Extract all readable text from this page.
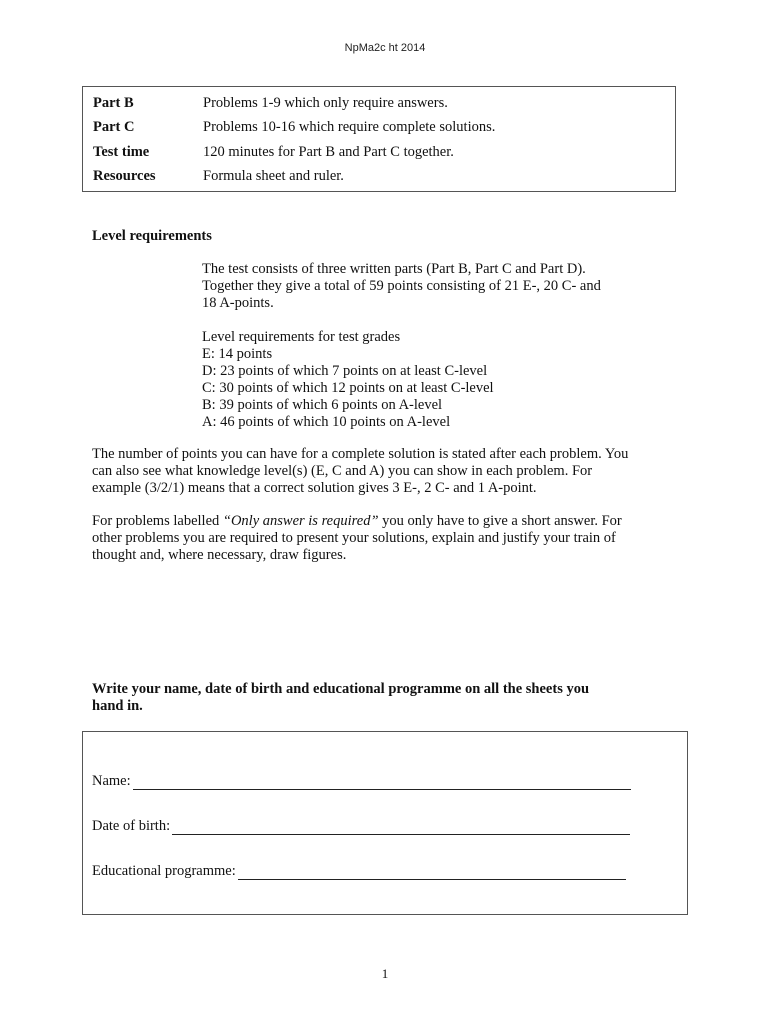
NpMa2c ht 2014
Part B	Problems 1-9 which only require answers.
Part C	Problems 10-16 which require complete solutions.
Test time	120 minutes for Part B and Part C together.
Resources	Formula sheet and ruler.
Level requirements
The test consists of three written parts (Part B, Part C and Part D).
Together they give a total of 59 points consisting of 21 E-, 20 C- and
18 A-points.
Level requirements for test grades
E: 14 points
D: 23 points of which 7 points on at least C-level
C: 30 points of which 12 points on at least C-level
B: 39 points of which 6 points on A-level
A: 46 points of which 10 points on A-level
The number of points you can have for a complete solution is stated after each problem. You
can also see what knowledge level(s) (E, C and A) you can show in each problem. For
example (3/2/1) means that a correct solution gives 3 E-, 2 C- and 1 A-point.
For problems labelled “Only answer is required” you only have to give a short answer. For
other problems you are required to present your solutions, explain and justify your train of
thought and, where necessary, draw figures.
Write your name, date of birth and educational programme on all the sheets you
hand in.
Name:
Date of birth:
Educational programme:
1
